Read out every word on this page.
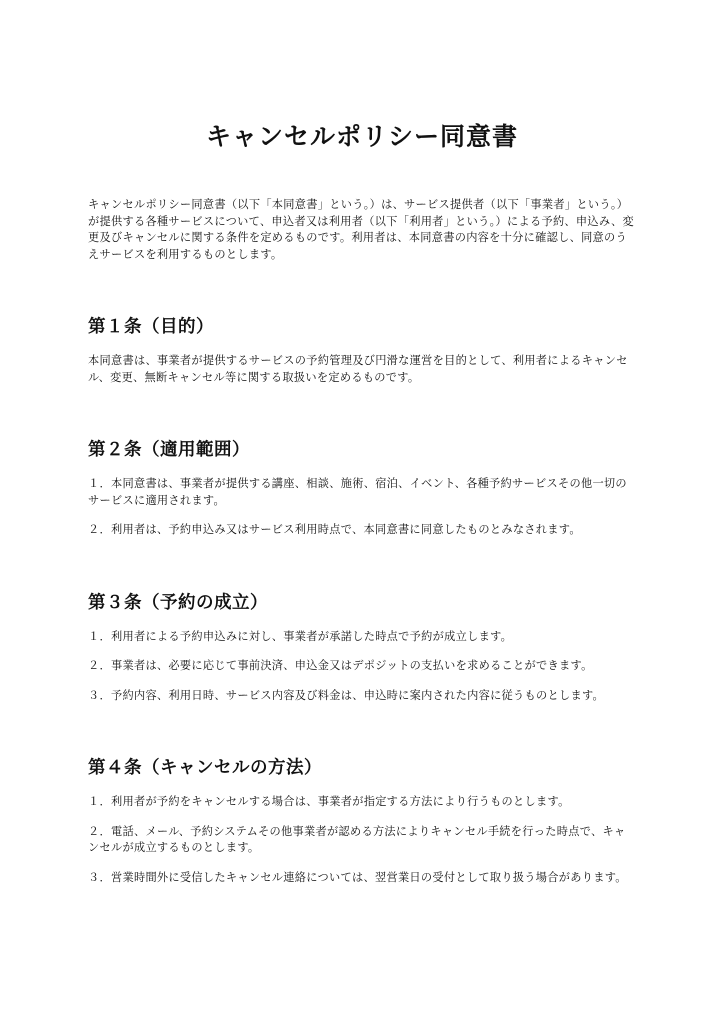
キャンセルポリシー同意書

キャンセルポリシー同意書（以下「本同意書」という。）は、サービス提供者（以下「事業者」という。）が提供する各種サービスについて、申込者又は利用者（以下「利用者」という。）による予約、申込み、変更及びキャンセルに関する条件を定めるものです。利用者は、本同意書の内容を十分に確認し、同意のうえサービスを利用するものとします。

第１条（目的）

本同意書は、事業者が提供するサービスの予約管理及び円滑な運営を目的として、利用者によるキャンセル、変更、無断キャンセル等に関する取扱いを定めるものです。

第２条（適用範囲）

１．本同意書は、事業者が提供する講座、相談、施術、宿泊、イベント、各種予約サービスその他一切のサービスに適用されます。

２．利用者は、予約申込み又はサービス利用時点で、本同意書に同意したものとみなされます。

第３条（予約の成立）

１．利用者による予約申込みに対し、事業者が承諾した時点で予約が成立します。

２．事業者は、必要に応じて事前決済、申込金又はデポジットの支払いを求めることができます。

３．予約内容、利用日時、サービス内容及び料金は、申込時に案内された内容に従うものとします。

第４条（キャンセルの方法）

１．利用者が予約をキャンセルする場合は、事業者が指定する方法により行うものとします。

２．電話、メール、予約システムその他事業者が認める方法によりキャンセル手続を行った時点で、キャンセルが成立するものとします。

３．営業時間外に受信したキャンセル連絡については、翌営業日の受付として取り扱う場合があります。
